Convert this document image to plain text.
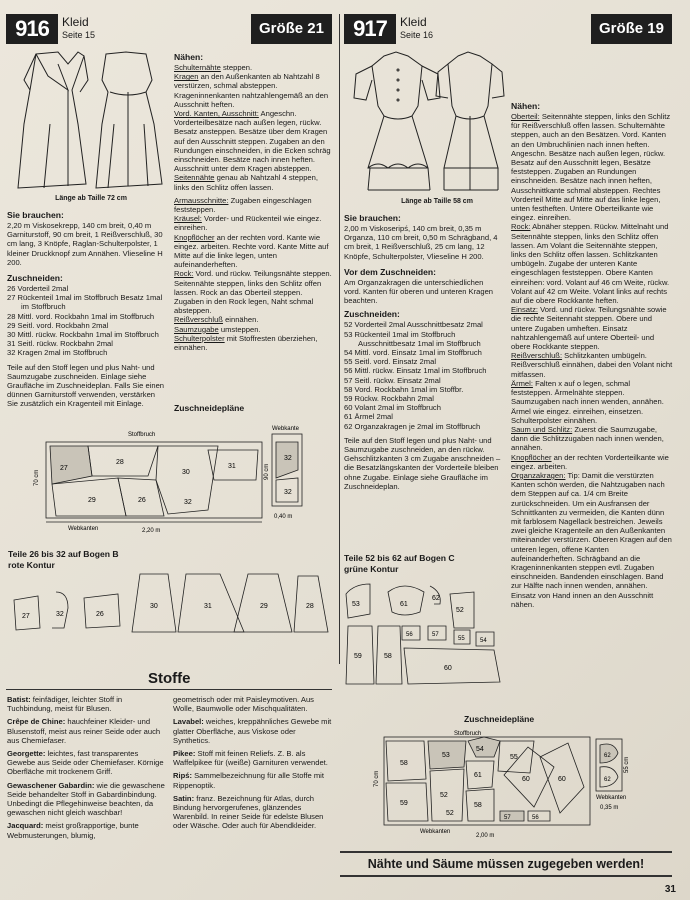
916	Kleid
Seite 15	Größe 21	917	Kleid
Seite 16	Größe 19
Länge ab Taille 72 cm
Sie brauchen:

2,20 m Viskosekrepp, 140 cm breit, 0,40 m Garniturstoff, 90 cm breit, 1 Reißverschluß, 30 cm lang, 3 Knöpfe, Raglan-Schulterpolster, 1 kleiner Druckknopf zum Annähen. Vlieseline H 200.

Zuschneiden:
26 Vorderteil 2mal
27 Rückenteil 1mal im Stoffbruch Besatz 1mal im Stoffbruch
28 Mittl. vord. Rockbahn 1mal im Stoffbruch
29 Seitl. vord. Rockbahn 2mal
30 Mittl. rückw. Rockbahn 1mal im Stoffbruch
31 Seitl. rückw. Rockbahn 2mal
32 Kragen 2mal im Stoffbruch

Teile auf den Stoff legen und plus Naht- und Saumzugabe zuschneiden. Einlage siehe Graufläche im Zuschneideplan. Falls Sie einen dünnen Garniturstoff verwenden, verstärken Sie zusätzlich ein Kragenteil mit Einlage.

Nähen:

Schulternähte steppen.

Kragen an den Außenkanten ab Nahtzahl 8 verstürzen, schmal absteppen. Krageninnenkanten nahtzahlengemäß an den Ausschnitt heften.

Vord. Kanten, Ausschnitt: Angeschn. Vorderteilbesätze nach außen legen, rückw. Besatz ansteppen. Besätze über dem Kragen auf den Ausschnitt steppen. Zugaben an den Rundungen einschneiden, in die Ecken schräg einschneiden. Besätze nach innen heften. Ausschnitt unter dem Kragen absteppen.

Seitennähte genau ab Nahtzahl 4 steppen, links den Schlitz offen lassen.

Armausschnitte: Zugaben eingeschlagen feststeppen.

Kräusel: Vorder- und Rückenteil wie eingez. einreihen.

Knopflöcher an der rechten vord. Kante wie eingez. arbeiten. Rechte vord. Kante Mitte auf Mitte auf die linke legen, unten aufeinanderheften.

Rock: Vord. und rückw. Teilungsnähte steppen. Seitennähte steppen, links den Schlitz offen lassen. Rock an das Oberteil steppen. Zugaben in den Rock legen, Naht schmal absteppen.

Reißverschluß einnähen.

Saumzugabe umsteppen.

Schulterpolster mit Stoffresten überziehen, einnähen.

Zuschneidepläne
Stoffbruch
Webkanten	2,20 m
70 cm
Webkante
90 cm
0,40 m
27
28
29	26
30
31
32
32
32
Teile 26 bis 32 auf Bogen B
rote Kontur
27	32	26
30	31	29	28
Stoffe

Batist: feinfädiger, leichter Stoff in Tuchbindung, meist für Blusen.

Crêpe de Chine: hauchfeiner Kleider- und Blusenstoff, meist aus reiner Seide oder auch aus Chemiefaser.

Georgette: leichtes, fast transparentes Gewebe aus Seide oder Chemiefaser. Körnige Oberfläche mit trockenem Griff.

Gewaschener Gabardin: wie die gewaschene Seide behandelter Stoff in Gabardinbindung. Unbedingt die Pflegehinweise beachten, da gewaschen nicht gleich waschbar!

Jacquard: meist großrapportige, bunte Webmusterungen, blumig,

geometrisch oder mit Paisleymotiven. Aus Wolle, Baumwolle oder Mischqualitäten.

Lavabel: weiches, kreppähnliches Gewebe mit glatter Oberfläche, aus Viskose oder Synthetics.

Pikee: Stoff mit feinen Reliefs. Z. B. als Waffelpikee für (weiße) Garnituren verwendet.

Ripś: Sammelbezeichnung für alle Stoffe mit Rippenoptik.

Satin: franz. Bezeichnung für Atlas, durch Bindung hervorgerufenes, glänzendes Warenbild. In reiner Seide für edelste Blusen oder Wäsche. Oder auch für Abendkleider.

Länge ab Taille 58 cm
Sie brauchen:

2,00 m Viskoseripś, 140 cm breit, 0,35 m Organza, 110 cm breit, 0,50 m Schrägband, 4 cm breit, 1 Reißverschluß, 25 cm lang, 12 Knöpfe, Schulterpolster, Vlieseline H 200.

Vor dem Zuschneiden:

Am Organzakragen die unterschiedlichen vord. Kanten für oberen und unteren Kragen beachten.

Zuschneiden:
52 Vorderteil 2mal Ausschnittbesatz 2mal
53 Rückenteil 1mal im Stoffbruch Ausschnittbesatz 1mal im Stoffbruch
54 Mittl. vord. Einsatz 1mal im Stoffbruch
55 Seitl. vord. Einsatz 2mal
56 Mittl. rückw. Einsatz 1mal im Stoffbruch
57 Seitl. rückw. Einsatz 2mal
58 Vord. Rockbahn 1mal im Stoffbr.
59 Rückw. Rockbahn 2mal
60 Volant 2mal im Stoffbruch
61 Ärmel 2mal
62 Organzakragen je 2mal im Stoffbruch

Teile auf den Stoff legen und plus Naht- und Saumzugabe zuschneiden, an den rückw. Gehschlitzkanten 3 cm Zugabe anschneiden – die Besatzlängskanten der Vorderteile bleiben ohne Zugabe. Einlage siehe Graufläche im Zuschneideplan.

Teile 52 bis 62 auf Bogen C
grüne Kontur
53	61
62
52
56	57
55	54
59	58
60
Nähen:

Oberteil: Seitennähte steppen, links den Schlitz für Reißverschluß offen lassen. Schulternähte steppen, auch an den Besätzen. Vord. Kanten an den Umbruchlinien nach innen heften. Angeschn. Besätze nach außen legen, rückw. Besatz auf den Ausschnitt legen, Besätze feststeppen. Zugaben an Rundungen einschneiden. Besätze nach innen heften, Ausschnittkante schmal absteppen. Rechtes Vorderteil Mitte auf Mitte auf das linke legen, unten festheften. Untere Oberteilkante wie eingez. einreihen.

Rock: Abnäher steppen. Rückw. Mittelnaht und Seitennähte steppen, links den Schlitz offen lassen. Am Volant die Seitennähte steppen, links den Schlitz offen lassen. Schlitzkanten umbügeln. Zugabe der unteren Kante eingeschlagen feststeppen. Obere Kanten einreihen: vord. Volant auf 46 cm Weite, rückw. Volant auf 42 cm Weite. Volant links auf rechts auf die obere Rockkante heften.

Einsatz: Vord. und rückw. Teilungsnähte sowie die rechte Seitennaht steppen. Obere und untere Zugaben umheften. Einsatz nahtzahlengemäß auf untere Oberteil- und obere Rockkante steppen.

Reißverschluß: Schlitzkanten umbügeln. Reißverschluß einnähen, dabei den Volant nicht mitfassen.

Ärmel: Falten x auf o legen, schmal feststeppen. Ärmelnähte steppen. Saumzugaben nach innen wenden, annähen. Ärmel wie eingez. einreihen, einsetzen. Schulterpolster einnähen.

Saum und Schlitz: Zuerst die Saumzugabe, dann die Schlitzzugaben nach innen wenden, annähen.

Knopflöcher an der rechten Vorderteilkante wie eingez. arbeiten.

Organzakragen: Tip: Damit die verstürzten Kanten schön werden, die Nahtzugaben nach dem Steppen auf ca. 1/4 cm Breite zurückschneiden. Um ein Ausfransen der Schnittkanten zu vermeiden, die Kanten dünn mit farblosem Nagellack bestreichen. Jeweils zwei gleiche Kragenteile an den Außenkanten miteinander verstürzen. Oberen Kragen auf den unteren legen, offene Kanten aufeinanderheften. Schrägband an die Krageninnenkanten steppen evtl. Zugaben einschneiden. Bandenden einschlagen. Band zur Hälfte nach innen wenden, annähen. Einsatz von Hand innen an den Ausschnitt nähen.

Zuschneidepläne
Stoffbruch
Webkanten
2,00 m
70 cm
Webkanten
55 cm
0,35 m
58
53
54
55
52
61
60	60
59	58
52
57	56
62
62
Nähte und Säume müssen zugegeben werden!
31
